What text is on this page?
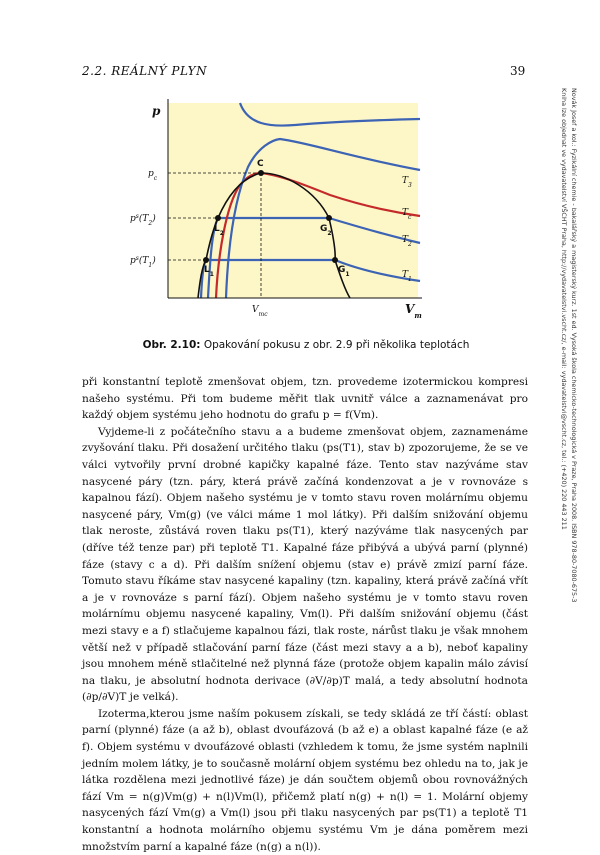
2.2. REÁLNÝ PLYN	39
Novák Josef a kol.: Fyzikální chemie - bakalářský a magisterský kurz. 1st ed. Vysoká škola chemicko-technologická v Praze, Praha 2008. ISBN 978-80-7080-675-3
Kniha lze objednat ve vydavatelství VŠCHT Praha, http://vydavatelstvi.vscht.cz/, e-mail: vydavatelstvi@vscht.cz, tel.: (+420) 220 443 211
p
$V_m$
$p_c$
$p^s(T_2)$
$p^s(T_1)$
$V_{mc}$
C
$L_2$	$G_2$
$L_1$	$G_1$
$T_3$
$T_c$
$T_2$
$T_1$
Obr. 2.10: Opakování pokusu z obr. 2.9 při několika teplotách

při konstantní teplotě zmenšovat objem, tzn. provedeme izotermickou kompresi našeho systému. Při tom budeme měřit tlak uvnitř válce a zaznamenávat pro každý objem systému jeho hodnotu do grafu p = f(Vm).

Vyjdeme-li z počátečního stavu a a budeme zmenšovat objem, zaznamenáme zvyšování tlaku. Při dosažení určitého tlaku (ps(T1), stav b) zpozorujeme, že se ve válci vytvořily první drobné kapičky kapalné fáze. Tento stav nazýváme stav nasycené páry (tzn. páry, která právě začíná kondenzovat a je v rovnováze s kapalnou fází). Objem našeho systému je v tomto stavu roven molárnímu objemu nasycené páry, Vm(g) (ve válci máme 1 mol látky). Při dalším snižování objemu tlak neroste, zůstává roven tlaku ps(T1), který nazýváme tlak nasycených par (dříve též tenze par) při teplotě T1. Kapalné fáze přibývá a ubývá parní (plynné) fáze (stavy c a d). Při dalším snížení objemu (stav e) právě zmizí parní fáze. Tomuto stavu říkáme stav nasycené kapaliny (tzn. kapaliny, která právě začíná vřít a je v rovnováze s parní fází). Objem našeho systému je v tomto stavu roven molárnímu objemu nasycené kapaliny, Vm(l). Při dalším snižování objemu (část mezi stavy e a f) stlačujeme kapalnou fázi, tlak roste, nárůst tlaku je však mnohem větší než v případě stlačování parní fáze (část mezi stavy a a b), neboť kapaliny jsou mnohem méně stlačitelné než plynná fáze (protože objem kapalin málo závisí na tlaku, je absolutní hodnota derivace (∂V/∂p)T malá, a tedy absolutní hodnota (∂p/∂V)T je velká).

Izoterma,kterou jsme naším pokusem získali, se tedy skládá ze tří částí: oblast parní (plynné) fáze (a až b), oblast dvoufázová (b až e) a oblast kapalné fáze (e až f). Objem systému v dvoufázové oblasti (vzhledem k tomu, že jsme systém naplnili jedním molem látky, je to současně molární objem systému bez ohledu na to, jak je látka rozdělena mezi jednotlivé fáze) je dán součtem objemů obou rovnovážných fází Vm = n(g)Vm(g) + n(l)Vm(l), přičemž platí n(g) + n(l) = 1. Molární objemy nasycených fází Vm(g) a Vm(l) jsou při tlaku nasycených par ps(T1) a teplotě T1 konstantní a hodnota molárního objemu systému Vm je dána poměrem mezi množstvím parní a kapalné fáze (n(g) a n(l)).
